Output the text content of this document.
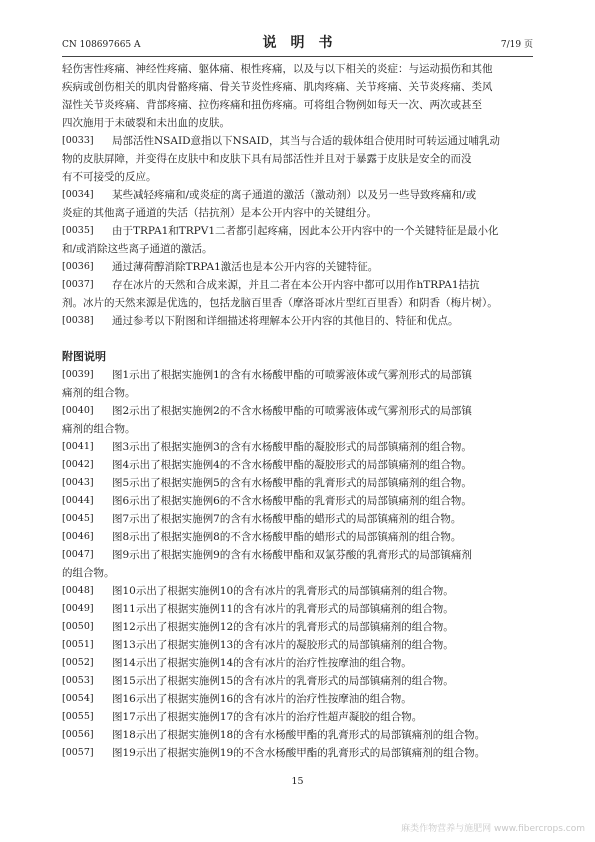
CN 108697665 A	说明书	7/19 页
轻伤害性疼痛、神经性疼痛、躯体痛、根性疼痛，以及与以下相关的炎症：与运动损伤和其他
疾病或创伤相关的肌肉骨骼疼痛、骨关节炎性疼痛、肌肉疼痛、关节疼痛、关节炎疼痛、类风
湿性关节炎疼痛、背部疼痛、拉伤疼痛和扭伤疼痛。可将组合物例如每天一次、两次或甚至
四次施用于未破裂和未出血的皮肤。
[0033]	局部活性NSAID意指以下NSAID，其当与合适的载体组合使用时可转运通过哺乳动
物的皮肤屏障，并变得在皮肤中和皮肤下具有局部活性并且对于暴露于皮肤是安全的而没
有不可接受的反应。
[0034]	某些减轻疼痛和/或炎症的离子通道的激活（激动剂）以及另一些导致疼痛和/或
炎症的其他离子通道的失活（拮抗剂）是本公开内容中的关键组分。
[0035]	由于TRPA1和TRPV1二者都引起疼痛，因此本公开内容中的一个关键特征是最小化
和/或消除这些离子通道的激活。
[0036]	通过薄荷醇消除TRPA1激活也是本公开内容的关键特征。
[0037]	存在冰片的天然和合成来源，并且二者在本公开内容中都可以用作hTRPA1拮抗
剂。冰片的天然来源是优选的，包括龙脑百里香（摩洛哥冰片型红百里香）和阴香（梅片树）。
[0038]	通过参考以下附图和详细描述将理解本公开内容的其他目的、特征和优点。
附图说明
[0039]	图1示出了根据实施例1的含有水杨酸甲酯的可喷雾液体或气雾剂形式的局部镇
痛剂的组合物。
[0040]	图2示出了根据实施例2的不含水杨酸甲酯的可喷雾液体或气雾剂形式的局部镇
痛剂的组合物。
[0041]	图3示出了根据实施例3的含有水杨酸甲酯的凝胶形式的局部镇痛剂的组合物。
[0042]	图4示出了根据实施例4的不含水杨酸甲酯的凝胶形式的局部镇痛剂的组合物。
[0043]	图5示出了根据实施例5的含有水杨酸甲酯的乳膏形式的局部镇痛剂的组合物。
[0044]	图6示出了根据实施例6的不含水杨酸甲酯的乳膏形式的局部镇痛剂的组合物。
[0045]	图7示出了根据实施例7的含有水杨酸甲酯的蜡形式的局部镇痛剂的组合物。
[0046]	图8示出了根据实施例8的不含水杨酸甲酯的蜡形式的局部镇痛剂的组合物。
[0047]	图9示出了根据实施例9的含有水杨酸甲酯和双氯芬酸的乳膏形式的局部镇痛剂
的组合物。
[0048]	图10示出了根据实施例10的含有冰片的乳膏形式的局部镇痛剂的组合物。
[0049]	图11示出了根据实施例11的含有冰片的乳膏形式的局部镇痛剂的组合物。
[0050]	图12示出了根据实施例12的含有冰片的乳膏形式的局部镇痛剂的组合物。
[0051]	图13示出了根据实施例13的含有冰片的凝胶形式的局部镇痛剂的组合物。
[0052]	图14示出了根据实施例14的含有冰片的治疗性按摩油的组合物。
[0053]	图15示出了根据实施例15的含有冰片的乳膏形式的局部镇痛剂的组合物。
[0054]	图16示出了根据实施例16的含有冰片的治疗性按摩油的组合物。
[0055]	图17示出了根据实施例17的含有冰片的治疗性超声凝胶的组合物。
[0056]	图18示出了根据实施例18的含有水杨酸甲酯的乳膏形式的局部镇痛剂的组合物。
[0057]	图19示出了根据实施例19的不含水杨酸甲酯的乳膏形式的局部镇痛剂的组合物。
15
麻类作物营养与施肥网 www.fibercrops.com
